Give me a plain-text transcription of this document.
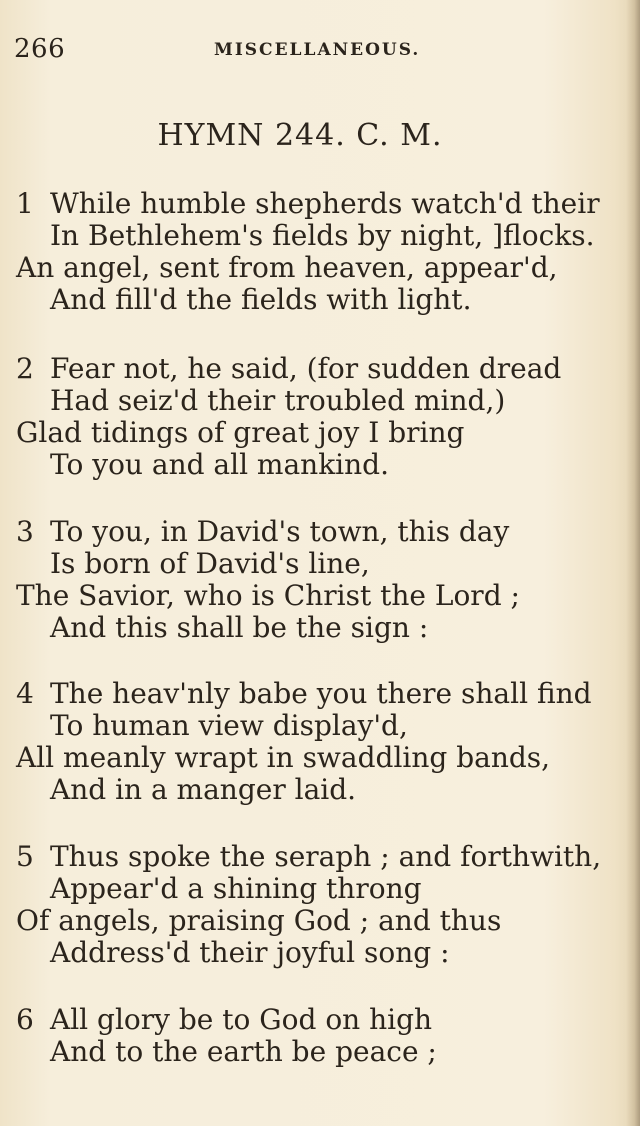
266	MISCELLANEOUS.
HYMN 244. C. M.
1 While humble shepherds watch'd their
In Bethlehem's fields by night, ]flocks.
An angel, sent from heaven, appear'd,
And fill'd the fields with light.
2 Fear not, he said, (for sudden dread
Had seiz'd their troubled mind,)
Glad tidings of great joy I bring
To you and all mankind.
3 To you, in David's town, this day
Is born of David's line,
The Savior, who is Christ the Lord ;
And this shall be the sign :
4 The heav'nly babe you there shall find
To human view display'd,
All meanly wrapt in swaddling bands,
And in a manger laid.
5 Thus spoke the seraph ; and forthwith,
Appear'd a shining throng
Of angels, praising God ; and thus
Address'd their joyful song :
6 All glory be to God on high
And to the earth be peace ;
